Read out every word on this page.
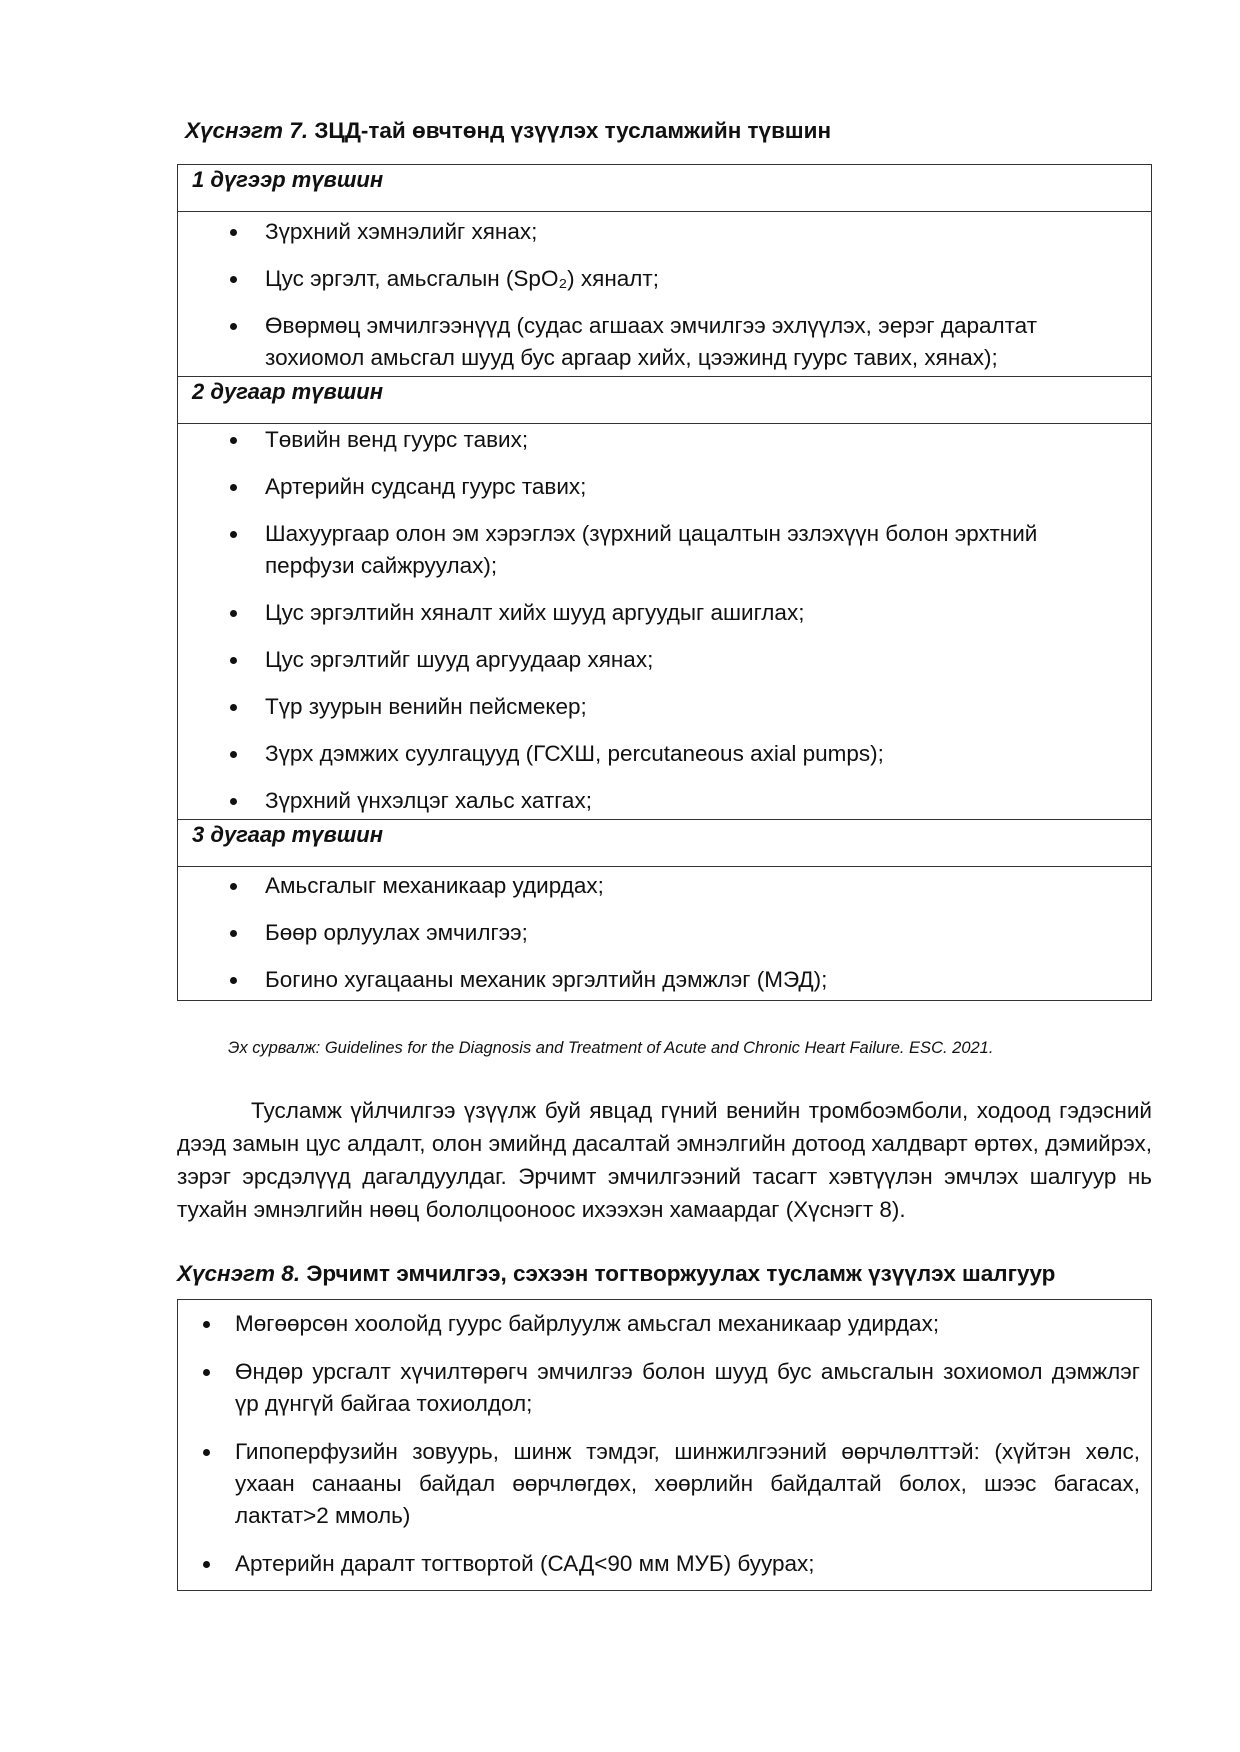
Хүснэгт 7. ЗЦД-тай өвчтөнд үзүүлэх тусламжийн түвшин
1 дүгээр түвшин

Зүрхний хэмнэлийг хянах;
Цус эргэлт, амьсгалын (SpO₂) хяналт;
Өвөрмөц эмчилгээнүүд (судас агшаах эмчилгээ эхлүүлэх, эерэг даралтат зохиомол амьсгал шууд бус аргаар хийх, цээжинд гуурс тавих, хянах);

2 дугаар түвшин

Төвийн венд гуурс тавих;
Артерийн судсанд гуурс тавих;
Шахуургаар олон эм хэрэглэх (зүрхний цацалтын эзлэхүүн болон эрхтний перфузи сайжруулах);
Цус эргэлтийн хяналт хийх шууд аргуудыг ашиглах;
Цус эргэлтийг шууд аргуудаар хянах;
Түр зуурын венийн пейсмекер;
Зүрх дэмжих суулгацууд (ГСХШ, percutaneous axial pumps);
Зүрхний үнхэлцэг хальс хатгах;

3 дугаар түвшин

Амьсгалыг механикаар удирдах;
Бөөр орлуулах эмчилгээ;
Богино хугацааны механик эргэлтийн дэмжлэг (МЭД);
Эх сурвалж: Guidelines for the Diagnosis and Treatment of Acute and Chronic Heart Failure. ESC. 2021.

Тусламж үйлчилгээ үзүүлж буй явцад гүний венийн тромбоэмболи, ходоод гэдэсний дээд замын цус алдалт, олон эмийнд дасалтай эмнэлгийн дотоод халдварт өртөх, дэмийрэх, зэрэг эрсдэлүүд дагалдуулдаг. Эрчимт эмчилгээний тасагт хэвтүүлэн эмчлэх шалгуур нь тухайн эмнэлгийн нөөц бололцооноос ихээхэн хамаардаг (Хүснэгт 8).

Хүснэгт 8. Эрчимт эмчилгээ, сэхээн тогтворжуулах тусламж үзүүлэх шалгуур
Мөгөөрсөн хоолойд гуурс байрлуулж амьсгал механикаар удирдах;
Өндөр урсгалт хүчилтөрөгч эмчилгээ болон шууд бус амьсгалын зохиомол дэмжлэг үр дүнгүй байгаа тохиолдол;
Гипоперфузийн зовуурь, шинж тэмдэг, шинжилгээний өөрчлөлттэй: (хүйтэн хөлс, ухаан санааны байдал өөрчлөгдөх, хөөрлийн байдалтай болох, шээс багасах, лактат>2 ммоль)
Артерийн даралт тогтвортой (САД<90 мм МУБ) буурах;
